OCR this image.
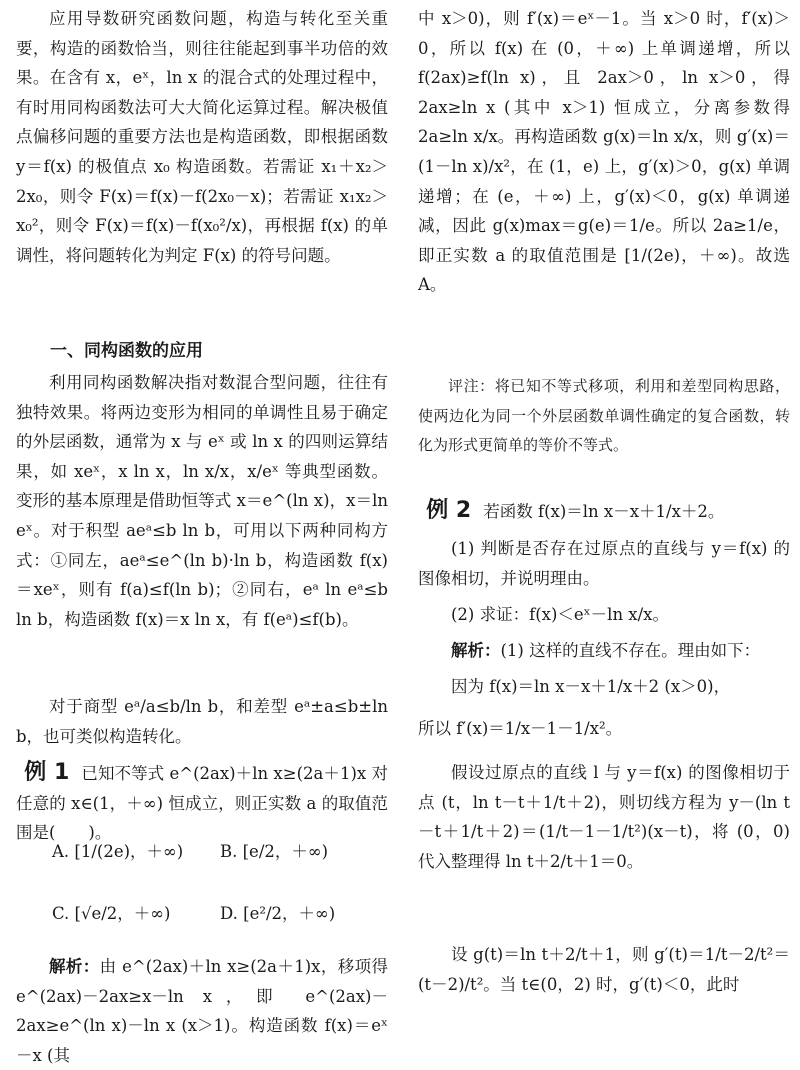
应用导数研究函数问题，构造与转化至关重要，构造的函数恰当，则往往能起到事半功倍的效果。在含有 x，eˣ，ln x 的混合式的处理过程中，有时用同构函数法可大大简化运算过程。解决极值点偏移问题的重要方法也是构造函数，即根据函数 y＝f(x) 的极值点 x₀ 构造函数。若需证 x₁＋x₂＞2x₀，则令 F(x)＝f(x)－f(2x₀－x)；若需证 x₁x₂＞x₀²，则令 F(x)＝f(x)－f(x₀²/x)，再根据 f(x) 的单调性，将问题转化为判定 F(x) 的符号问题。

一、同构函数的应用

利用同构函数解决指对数混合型问题，往往有独特效果。将两边变形为相同的单调性且易于确定的外层函数，通常为 x 与 eˣ 或 ln x 的四则运算结果，如 xeˣ，x ln x，ln x/x，x/eˣ 等典型函数。变形的基本原理是借助恒等式 x＝e^(ln x)，x＝ln eˣ。对于积型 aeᵃ≤b ln b，可用以下两种同构方式：①同左，aeᵃ≤e^(ln b)·ln b，构造函数 f(x)＝xeˣ，则有 f(a)≤f(ln b)；②同右，eᵃ ln eᵃ≤b ln b，构造函数 f(x)＝x ln x，有 f(eᵃ)≤f(b)。

对于商型 eᵃ/a≤b/ln b，和差型 eᵃ±a≤b±ln b，也可类似构造转化。

例 1 已知不等式 e^(2ax)＋ln x≥(2a＋1)x 对任意的 x∈(1，＋∞) 恒成立，则正实数 a 的取值范围是(　　)。

A. [1/(2e)，＋∞) B. [e/2，＋∞)
C. [√e/2，＋∞)	D. [e²/2，＋∞)

解析：由 e^(2ax)＋ln x≥(2a＋1)x，移项得 e^(2ax)－2ax≥x－ln x，即 e^(2ax)－2ax≥e^(ln x)－ln x (x＞1)。构造函数 f(x)＝eˣ－x (其

中 x＞0)，则 f′(x)＝eˣ－1。当 x＞0 时，f′(x)＞0，所以 f(x) 在 (0，＋∞) 上单调递增，所以 f(2ax)≥f(ln x)，且 2ax＞0，ln x＞0，得 2ax≥ln x (其中 x＞1) 恒成立，分离参数得 2a≥ln x/x。再构造函数 g(x)＝ln x/x，则 g′(x)＝(1－ln x)/x²，在 (1，e) 上，g′(x)＞0，g(x) 单调递增；在 (e，＋∞) 上，g′(x)＜0，g(x) 单调递减，因此 g(x)max＝g(e)＝1/e。所以 2a≥1/e，即正实数 a 的取值范围是 [1/(2e)，＋∞)。故选 A。

评注：将已知不等式移项，利用和差型同构思路，使两边化为同一个外层函数单调性确定的复合函数，转化为形式更简单的等价不等式。

例 2 若函数 f(x)＝ln x－x＋1/x＋2。

(1) 判断是否存在过原点的直线与 y＝f(x) 的图像相切，并说明理由。

(2) 求证：f(x)＜eˣ－ln x/x。

解析：(1) 这样的直线不存在。理由如下：

因为 f(x)＝ln x－x＋1/x＋2 (x＞0)，

所以 f′(x)＝1/x－1－1/x²。

假设过原点的直线 l 与 y＝f(x) 的图像相切于点 (t，ln t－t＋1/t＋2)，则切线方程为 y－(ln t－t＋1/t＋2)＝(1/t－1－1/t²)(x－t)，将 (0，0) 代入整理得 ln t＋2/t＋1＝0。

设 g(t)＝ln t＋2/t＋1，则 g′(t)＝1/t－2/t²＝(t－2)/t²。当 t∈(0，2) 时，g′(t)＜0，此时
